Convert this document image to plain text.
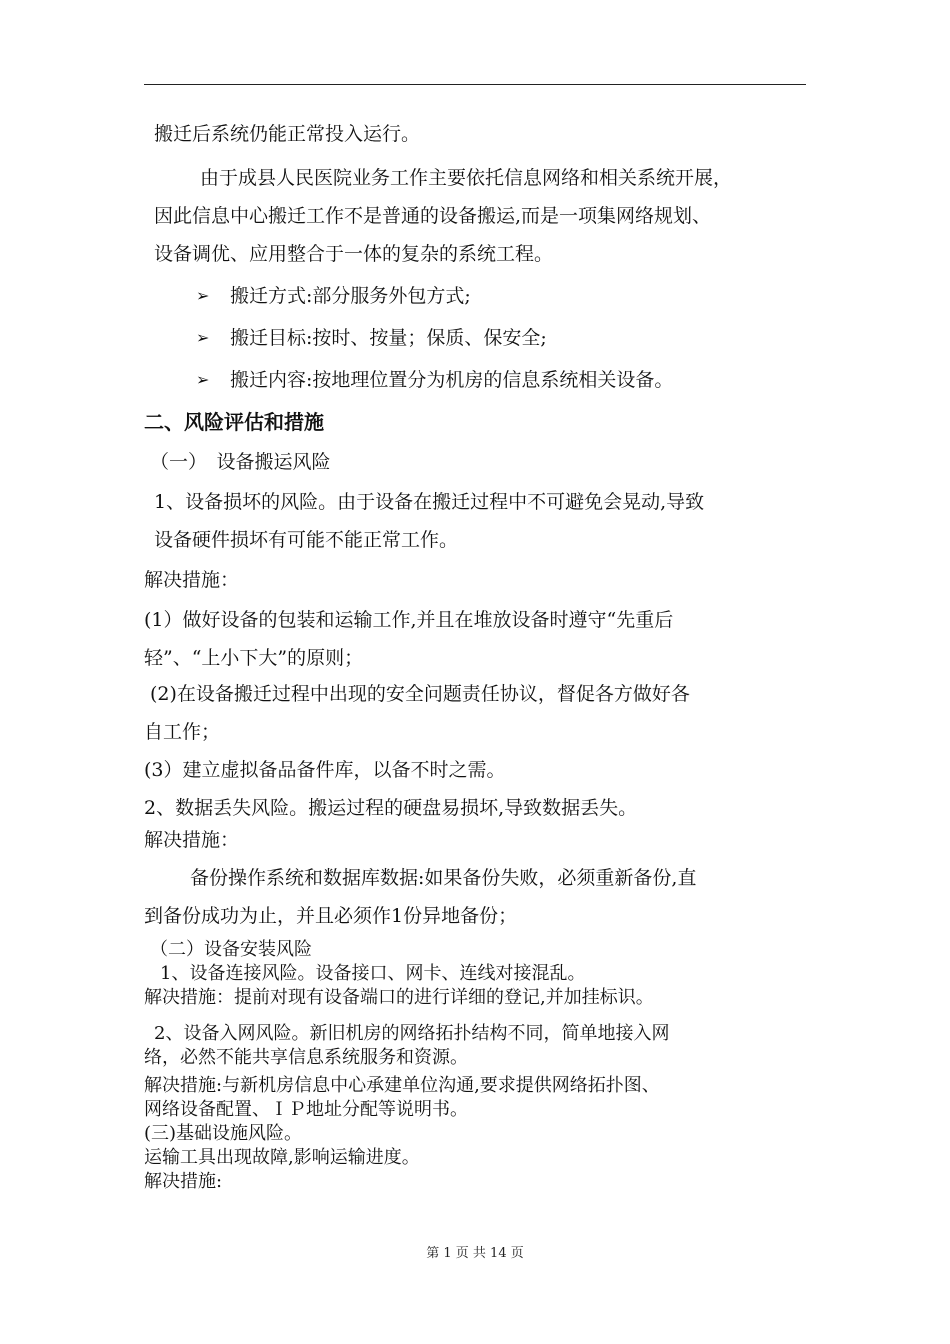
搬迁后系统仍能正常投入运行。
由于成县人民医院业务工作主要依托信息网络和相关系统开展，
因此信息中心搬迁工作不是普通的设备搬运,而是一项集网络规划、
设备调优、应用整合于一体的复杂的系统工程。
➢ 搬迁方式:部分服务外包方式;
➢ 搬迁目标:按时、按量；保质、保安全;
➢ 搬迁内容:按地理位置分为机房的信息系统相关设备。
二、风险评估和措施
（一）　设备搬运风险
1、设备损坏的风险。由于设备在搬迁过程中不可避免会晃动,导致
设备硬件损坏有可能不能正常工作。
解决措施：
(1）做好设备的包装和运输工作,并且在堆放设备时遵守“先重后
轻”、“上小下大”的原则；
(2)在设备搬迁过程中出现的安全问题责任协议，督促各方做好各
自工作；
(3）建立虚拟备品备件库，以备不时之需。
2、数据丢失风险。搬运过程的硬盘易损坏,导致数据丢失。
解决措施：
备份操作系统和数据库数据:如果备份失败，必须重新备份,直
到备份成功为止，并且必须作1份异地备份；
（二）设备安装风险
1、设备连接风险。设备接口、网卡、连线对接混乱。
解决措施：提前对现有设备端口的进行详细的登记,并加挂标识。
2、设备入网风险。新旧机房的网络拓扑结构不同，简单地接入网
络，必然不能共享信息系统服务和资源。
解决措施:与新机房信息中心承建单位沟通,要求提供网络拓扑图、
网络设备配置、ＩＰ地址分配等说明书。
(三)基础设施风险。
运输工具出现故障,影响运输进度。
解决措施:
第 1 页 共 14 页
